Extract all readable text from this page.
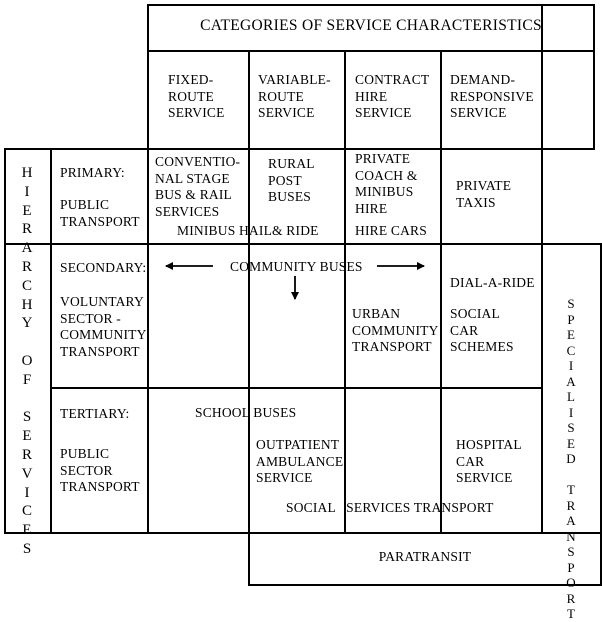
CATEGORIES OF SERVICE CHARACTERISTICS
FIXED-
ROUTE
SERVICE
VARIABLE-
ROUTE
SERVICE
CONTRACT
HIRE
SERVICE
DEMAND-
RESPONSIVE
SERVICE
H
I
E
R
A
R
C
H
Y

O
F

S
E
R
V
I
C
E
S
S
P
E
C
I
A
L
I
S
E
D

T
R
A
N
S
P
O
R
T
PRIMARY:
PUBLIC
TRANSPORT
SECONDARY:
VOLUNTARY
SECTOR -
COMMUNITY
TRANSPORT
TERTIARY:
PUBLIC
SECTOR
TRANSPORT
CONVENTIO-
NAL STAGE
BUS & RAIL
SERVICES
RURAL
POST
BUSES
PRIVATE
COACH &
MINIBUS
HIRE
PRIVATE
TAXIS
MINIBUS HAIL& RIDE	HIRE CARS
COMMUNITY BUSES
DIAL-A-RIDE
URBAN
COMMUNITY
TRANSPORT
SOCIAL
CAR
SCHEMES
SCHOOL BUSES
OUTPATIENT
AMBULANCE
SERVICE
HOSPITAL
CAR
SERVICE
SOCIAL   SERVICES TRANSPORT
PARATRANSIT
